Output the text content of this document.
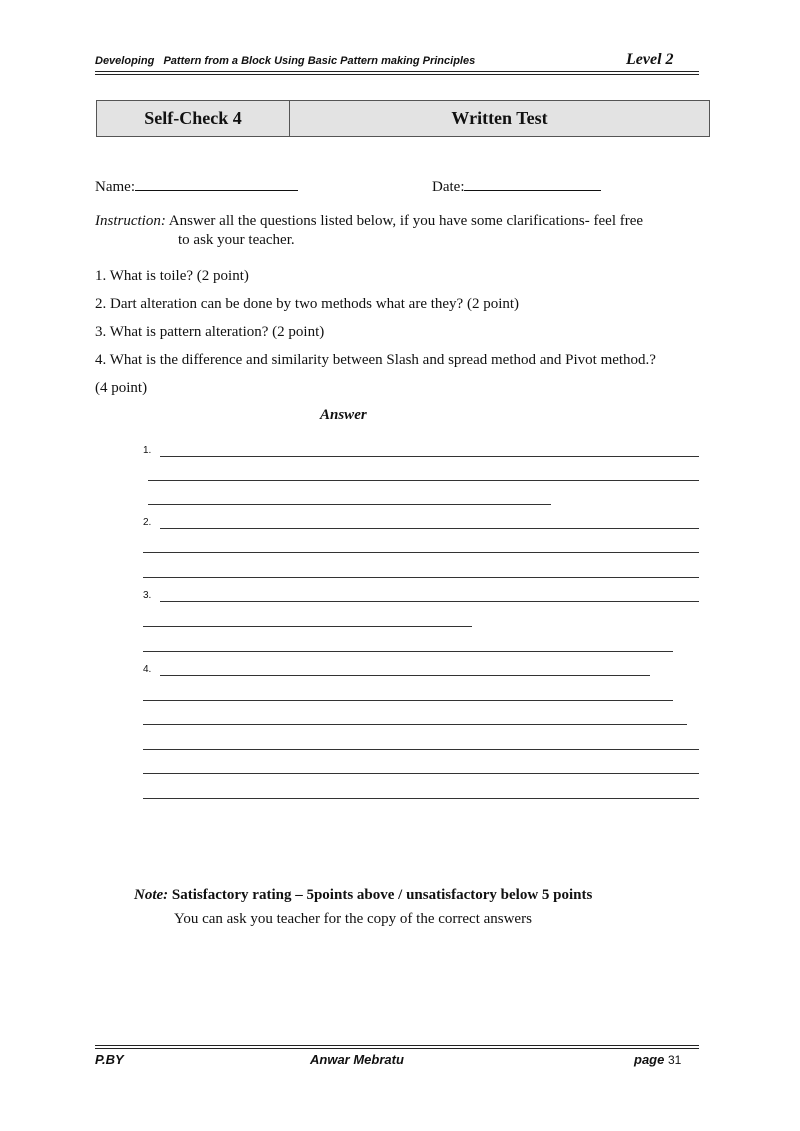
Developing   Pattern from a Block Using Basic Pattern making Principles	Level 2
Self-Check 4	Written Test
Name:	Date:
Instruction: Answer all the questions listed below, if you have some clarifications- feel free
to ask your teacher.
1. What is toile? (2 point)
2. Dart alteration can be done by two methods what are they? (2 point)
3. What is pattern alteration? (2 point)
4. What is the difference and similarity between Slash and spread method and Pivot method.?
(4 point)
Answer
1.
2.
3.
4.
Note: Satisfactory rating – 5points above / unsatisfactory below 5 points
You can ask you teacher for the copy of the correct answers
P.BY	Anwar Mebratu	page 31
